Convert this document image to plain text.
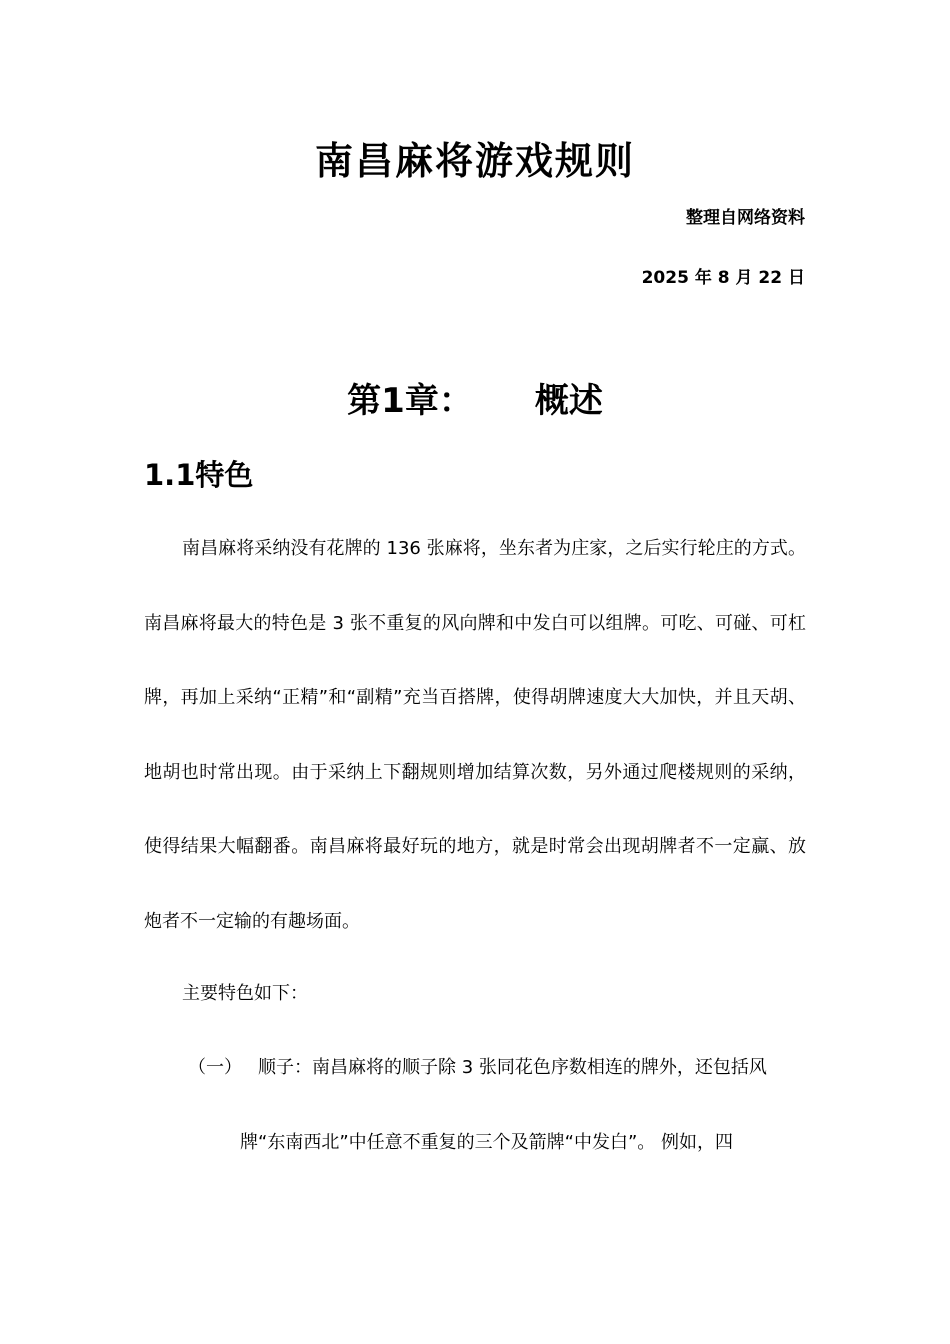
南昌麻将游戏规则
整理自网络资料
2025 年 8 月 22 日
第1章： 概述
1.1特色
南昌麻将采纳没有花牌的 136 张麻将，坐东者为庄家，之后实行轮庄的方式。南昌麻将最大的特色是 3 张不重复的风向牌和中发白可以组牌。可吃、可碰、可杠牌，再加上采纳“正精”和“副精”充当百搭牌，使得胡牌速度大大加快，并且天胡、地胡也时常出现。由于采纳上下翻规则增加结算次数，另外通过爬楼规则的采纳，使得结果大幅翻番。南昌麻将最好玩的地方，就是时常会出现胡牌者不一定赢、放炮者不一定输的有趣场面。
主要特色如下：
（一） 顺子：南昌麻将的顺子除 3 张同花色序数相连的牌外，还包括风
牌“东南西北”中任意不重复的三个及箭牌“中发白”。 例如，四
